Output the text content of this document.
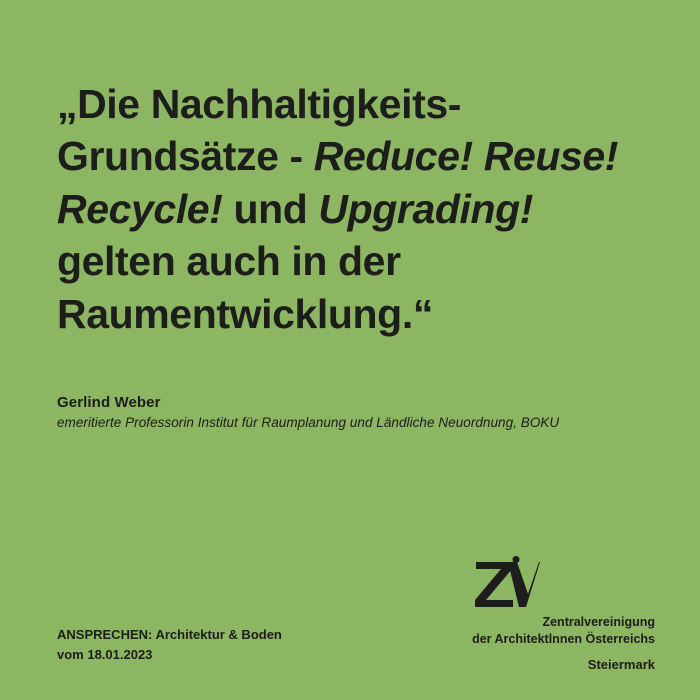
„Die Nachhaltigkeits-
Grundsätze - Reduce! Reuse!
Recycle! und Upgrading!
gelten auch in der
Raumentwicklung.“

Gerlind Weber
emeritierte Professorin Institut für Raumplanung und Ländliche Neuordnung, BOKU
ANSPRECHEN: Architektur & Boden
vom 18.01.2023
Zentralvereinigung
der Architektlnnen Österreichs
Steiermark
